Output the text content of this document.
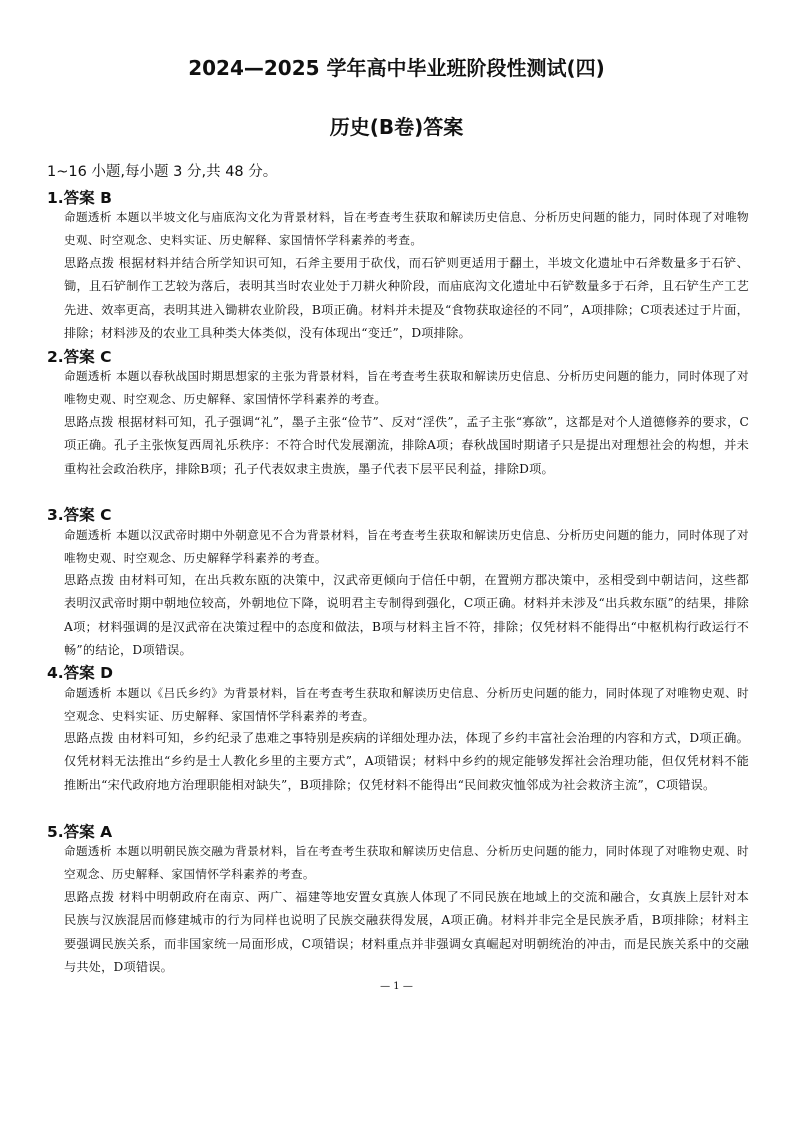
2024—2025 学年高中毕业班阶段性测试(四)
历史(B卷)答案
1~16 小题,每小题 3 分,共 48 分。
1.答案 B

命题透析 本题以半坡文化与庙底沟文化为背景材料，旨在考查考生获取和解读历史信息、分析历史问题的能力，同时体现了对唯物史观、时空观念、史料实证、历史解释、家国情怀学科素养的考查。

思路点拨 根据材料并结合所学知识可知，石斧主要用于砍伐，而石铲则更适用于翻土，半坡文化遗址中石斧数量多于石铲、锄，且石铲制作工艺较为落后，表明其当时农业处于刀耕火种阶段，而庙底沟文化遗址中石铲数量多于石斧，且石铲生产工艺先进、效率更高，表明其进入锄耕农业阶段，B项正确。材料并未提及“食物获取途径的不同”，A项排除；C项表述过于片面，排除；材料涉及的农业工具种类大体类似，没有体现出“变迁”，D项排除。

2.答案 C

命题透析 本题以春秋战国时期思想家的主张为背景材料，旨在考查考生获取和解读历史信息、分析历史问题的能力，同时体现了对唯物史观、时空观念、历史解释、家国情怀学科素养的考查。

思路点拨 根据材料可知，孔子强调“礼”，墨子主张“俭节”、反对“淫佚”，孟子主张“寡欲”，这都是对个人道德修养的要求，C项正确。孔子主张恢复西周礼乐秩序：不符合时代发展潮流，排除A项；春秋战国时期诸子只是提出对理想社会的构想，并未重构社会政治秩序，排除B项；孔子代表奴隶主贵族，墨子代表下层平民利益，排除D项。

3.答案 C

命题透析 本题以汉武帝时期中外朝意见不合为背景材料，旨在考查考生获取和解读历史信息、分析历史问题的能力，同时体现了对唯物史观、时空观念、历史解释学科素养的考查。

思路点拨 由材料可知，在出兵救东瓯的决策中，汉武帝更倾向于信任中朝，在置朔方郡决策中，丞相受到中朝诘问，这些都表明汉武帝时期中朝地位较高，外朝地位下降，说明君主专制得到强化，C项正确。材料并未涉及“出兵救东瓯”的结果，排除A项；材料强调的是汉武帝在决策过程中的态度和做法，B项与材料主旨不符，排除；仅凭材料不能得出“中枢机构行政运行不畅”的结论，D项错误。

4.答案 D

命题透析 本题以《吕氏乡约》为背景材料，旨在考查考生获取和解读历史信息、分析历史问题的能力，同时体现了对唯物史观、时空观念、史料实证、历史解释、家国情怀学科素养的考查。

思路点拨 由材料可知，乡约纪录了患难之事特别是疾病的详细处理办法，体现了乡约丰富社会治理的内容和方式，D项正确。仅凭材料无法推出“乡约是士人教化乡里的主要方式”，A项错误；材料中乡约的规定能够发挥社会治理功能，但仅凭材料不能推断出“宋代政府地方治理职能相对缺失”，B项排除；仅凭材料不能得出“民间救灾恤邻成为社会救济主流”，C项错误。

5.答案 A

命题透析 本题以明朝民族交融为背景材料，旨在考查考生获取和解读历史信息、分析历史问题的能力，同时体现了对唯物史观、时空观念、历史解释、家国情怀学科素养的考查。

思路点拨 材料中明朝政府在南京、两广、福建等地安置女真族人体现了不同民族在地域上的交流和融合，女真族上层针对本民族与汉族混居而修建城市的行为同样也说明了民族交融获得发展，A项正确。材料并非完全是民族矛盾，B项排除；材料主要强调民族关系，而非国家统一局面形成，C项错误；材料重点并非强调女真崛起对明朝统治的冲击，而是民族关系中的交融与共处，D项错误。

— 1 —
